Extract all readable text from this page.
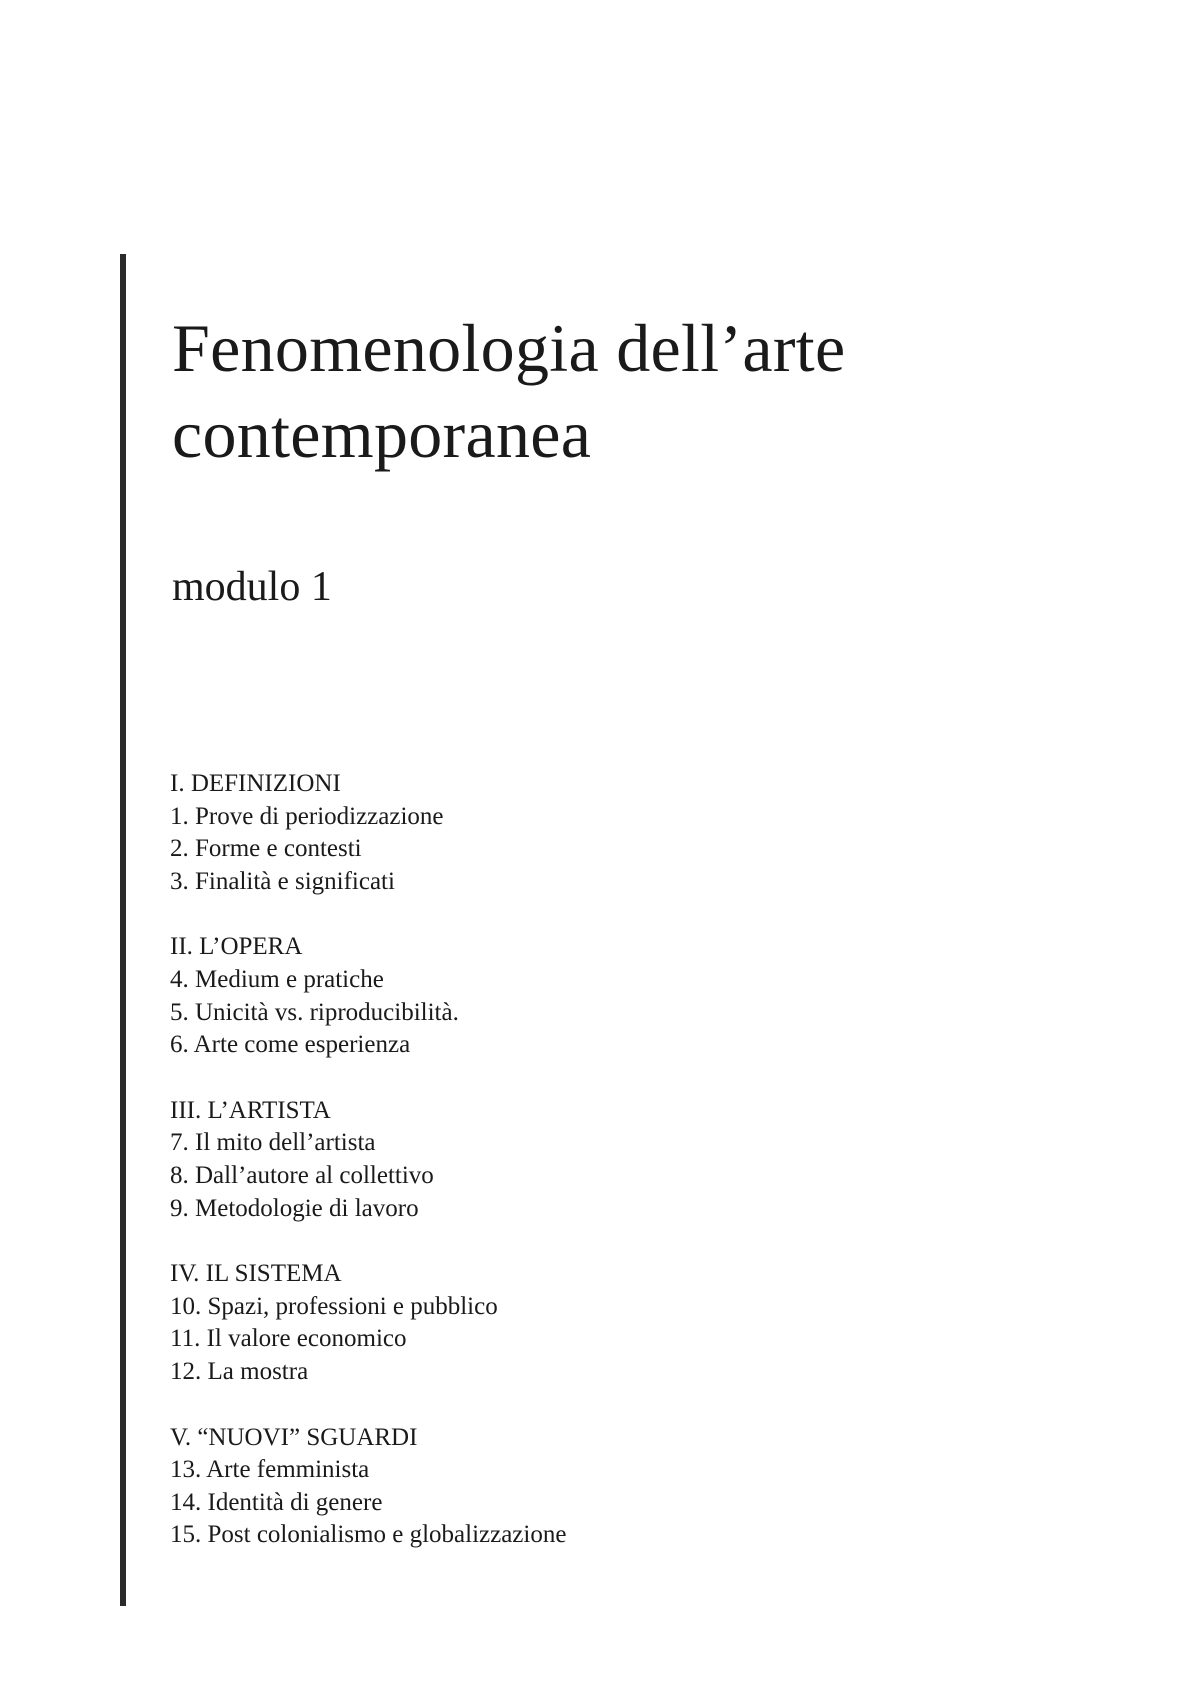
Fenomenologia dell’arte
contemporanea
modulo 1
I. DEFINIZIONI
1. Prove di periodizzazione
2. Forme e contesti
3. Finalità e significati
II. L’OPERA
4. Medium e pratiche
5. Unicità vs. riproducibilità.
6. Arte come esperienza
III. L’ARTISTA
7. Il mito dell’artista
8. Dall’autore al collettivo
9. Metodologie di lavoro
IV. IL SISTEMA
10. Spazi, professioni e pubblico
11. Il valore economico
12. La mostra
V. “NUOVI” SGUARDI
13. Arte femminista
14. Identità di genere
15. Post colonialismo e globalizzazione
